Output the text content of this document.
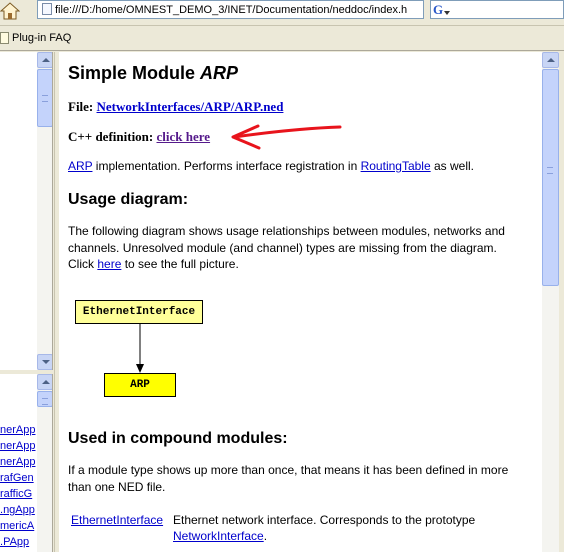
file:///D:/home/OMNEST_DEMO_3/INET/Documentation/neddoc/index.h	G
Plug-in FAQ
nerApp
nerApp
nerApp
rafGen
rafficG
ngApp.
mericA
PApp.
Simple Module ARP
File: NetworkInterfaces/ARP/ARP.ned
C++ definition: click here
ARP implementation. Performs interface registration in RoutingTable as well.
Usage diagram:
The following diagram shows usage relationships between modules, networks and channels. Unresolved module (and channel) types are missing from the diagram. Click here to see the full picture.
EthernetInterface
ARP
Used in compound modules:
If a module type shows up more than once, that means it has been defined in more than one NED file.
EthernetInterface Ethernet network interface. Corresponds to the prototype NetworkInterface.
